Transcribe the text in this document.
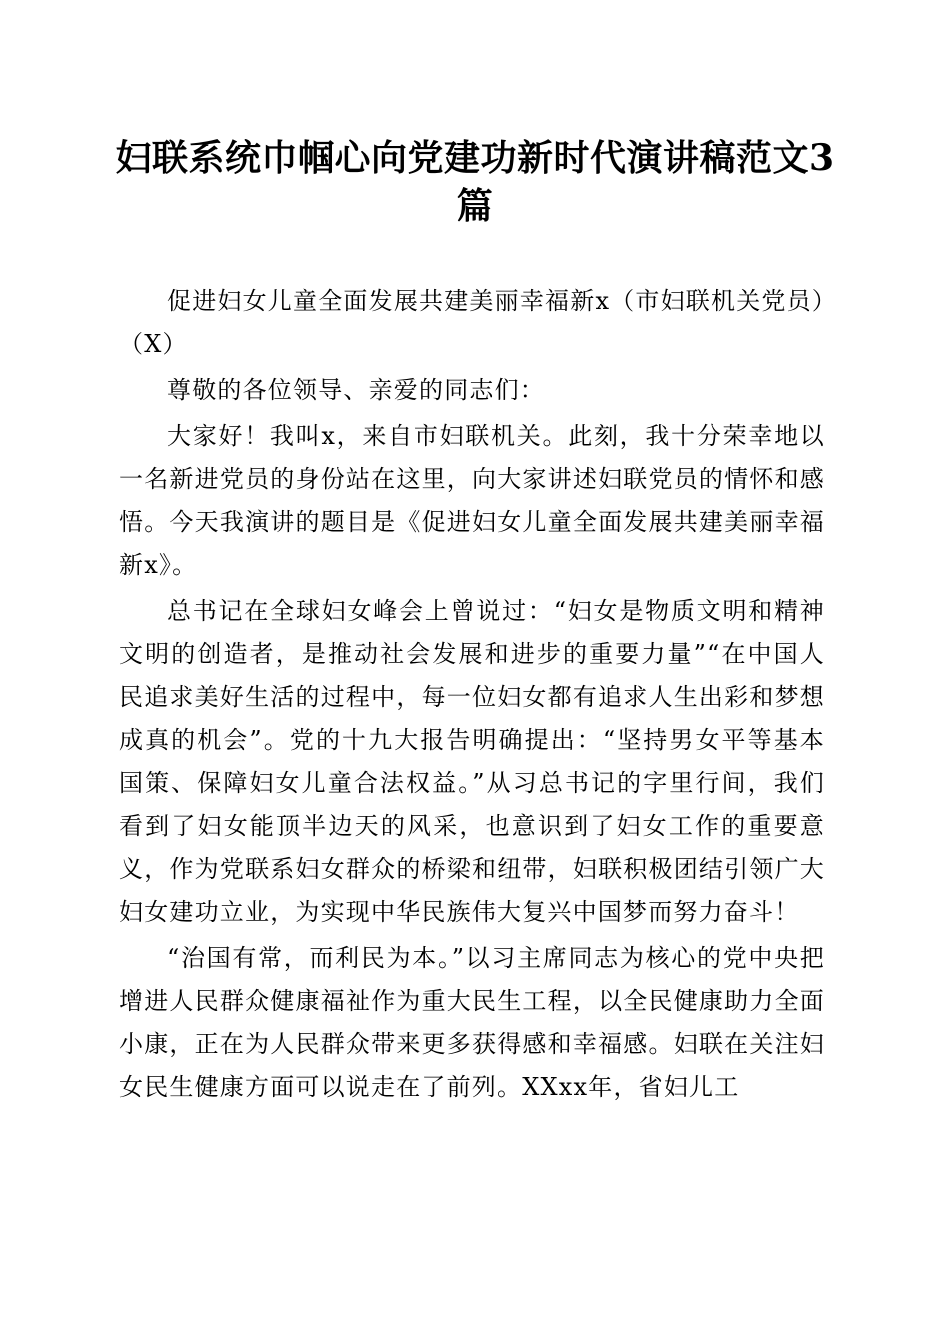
妇联系统巾帼心向党建功新时代演讲稿范文3篇

促进妇女儿童全面发展共建美丽幸福新x（市妇联机关党员）（X）

尊敬的各位领导、亲爱的同志们：

大家好！我叫x，来自市妇联机关。此刻，我十分荣幸地以一名新进党员的身份站在这里，向大家讲述妇联党员的情怀和感悟。今天我演讲的题目是《促进妇女儿童全面发展共建美丽幸福新x》。

总书记在全球妇女峰会上曾说过：“妇女是物质文明和精神文明的创造者，是推动社会发展和进步的重要力量”“在中国人民追求美好生活的过程中，每一位妇女都有追求人生出彩和梦想成真的机会”。党的十九大报告明确提出：“坚持男女平等基本国策、保障妇女儿童合法权益。”从习总书记的字里行间，我们看到了妇女能顶半边天的风采，也意识到了妇女工作的重要意义，作为党联系妇女群众的桥梁和纽带，妇联积极团结引领广大妇女建功立业，为实现中华民族伟大复兴中国梦而努力奋斗！

“治国有常，而利民为本。”以习主席同志为核心的党中央把增进人民群众健康福祉作为重大民生工程，以全民健康助力全面小康，正在为人民群众带来更多获得感和幸福感。妇联在关注妇女民生健康方面可以说走在了前列。XXxx年，省妇儿工
